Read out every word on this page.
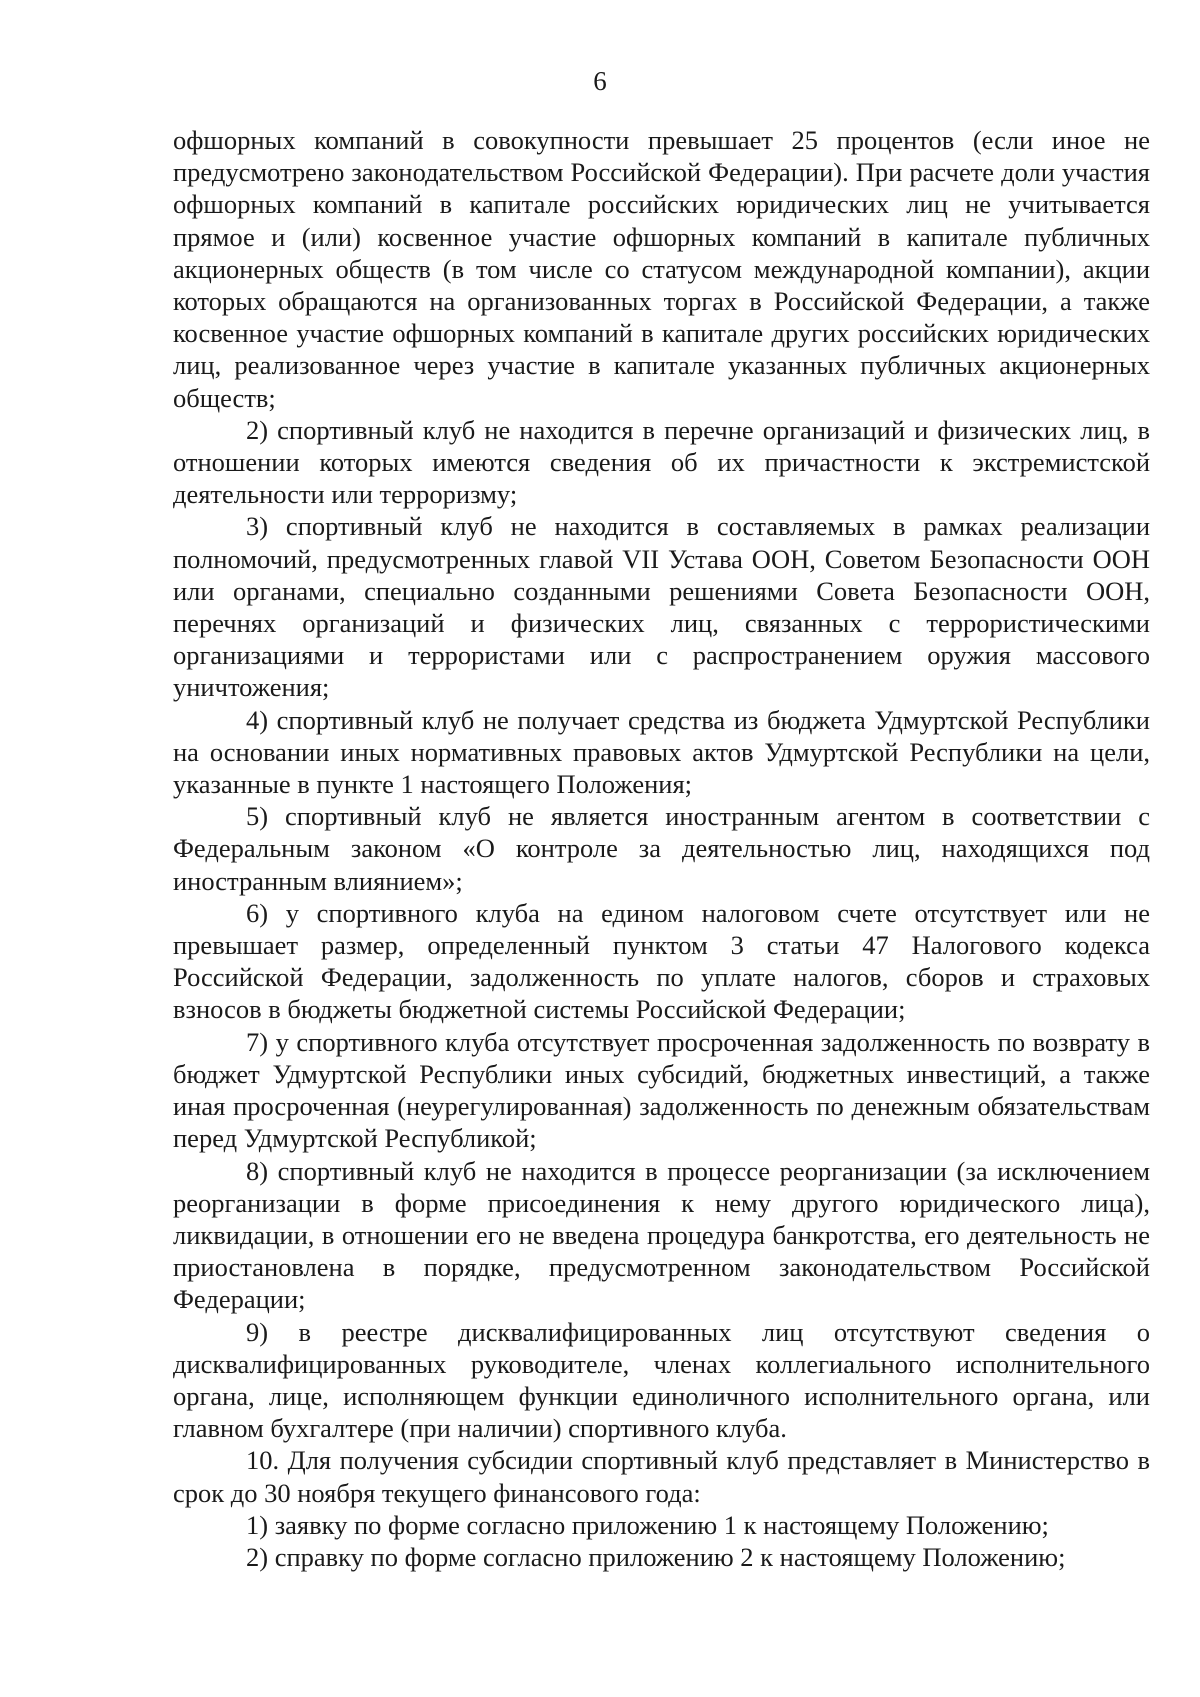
6

офшорных компаний в совокупности превышает 25 процентов (если иное не предусмотрено законодательством Российской Федерации). При расчете доли участия офшорных компаний в капитале российских юридических лиц не учитывается прямое и (или) косвенное участие офшорных компаний в капитале публичных акционерных обществ (в том числе со статусом международной компании), акции которых обращаются на организованных торгах в Российской Федерации, а также косвенное участие офшорных компаний в капитале других российских юридических лиц, реализованное через участие в капитале указанных публичных акционерных обществ;

2) спортивный клуб не находится в перечне организаций и физических лиц, в отношении которых имеются сведения об их причастности к экстремистской деятельности или терроризму;

3) спортивный клуб не находится в составляемых в рамках реализации полномочий, предусмотренных главой VII Устава ООН, Советом Безопасности ООН или органами, специально созданными решениями Совета Безопасности ООН, перечнях организаций и физических лиц, связанных с террористическими организациями и террористами или с распространением оружия массового уничтожения;

4) спортивный клуб не получает средства из бюджета Удмуртской Республики на основании иных нормативных правовых актов Удмуртской Республики на цели, указанные в пункте 1 настоящего Положения;

5) спортивный клуб не является иностранным агентом в соответствии с Федеральным законом «О контроле за деятельностью лиц, находящихся под иностранным влиянием»;

6) у спортивного клуба на едином налоговом счете отсутствует или не превышает размер, определенный пунктом 3 статьи 47 Налогового кодекса Российской Федерации, задолженность по уплате налогов, сборов и страховых взносов в бюджеты бюджетной системы Российской Федерации;

7) у спортивного клуба отсутствует просроченная задолженность по возврату в бюджет Удмуртской Республики иных субсидий, бюджетных инвестиций, а также иная просроченная (неурегулированная) задолженность по денежным обязательствам перед Удмуртской Республикой;

8) спортивный клуб не находится в процессе реорганизации (за исключением реорганизации в форме присоединения к нему другого юридического лица), ликвидации, в отношении его не введена процедура банкротства, его деятельность не приостановлена в порядке, предусмотренном законодательством Российской Федерации;

9) в реестре дисквалифицированных лиц отсутствуют сведения о дисквалифицированных руководителе, членах коллегиального исполнительного органа, лице, исполняющем функции единоличного исполнительного органа, или главном бухгалтере (при наличии) спортивного клуба.

10. Для получения субсидии спортивный клуб представляет в Министерство в срок до 30 ноября текущего финансового года:

1) заявку по форме согласно приложению 1 к настоящему Положению;

2) справку по форме согласно приложению 2 к настоящему Положению;
